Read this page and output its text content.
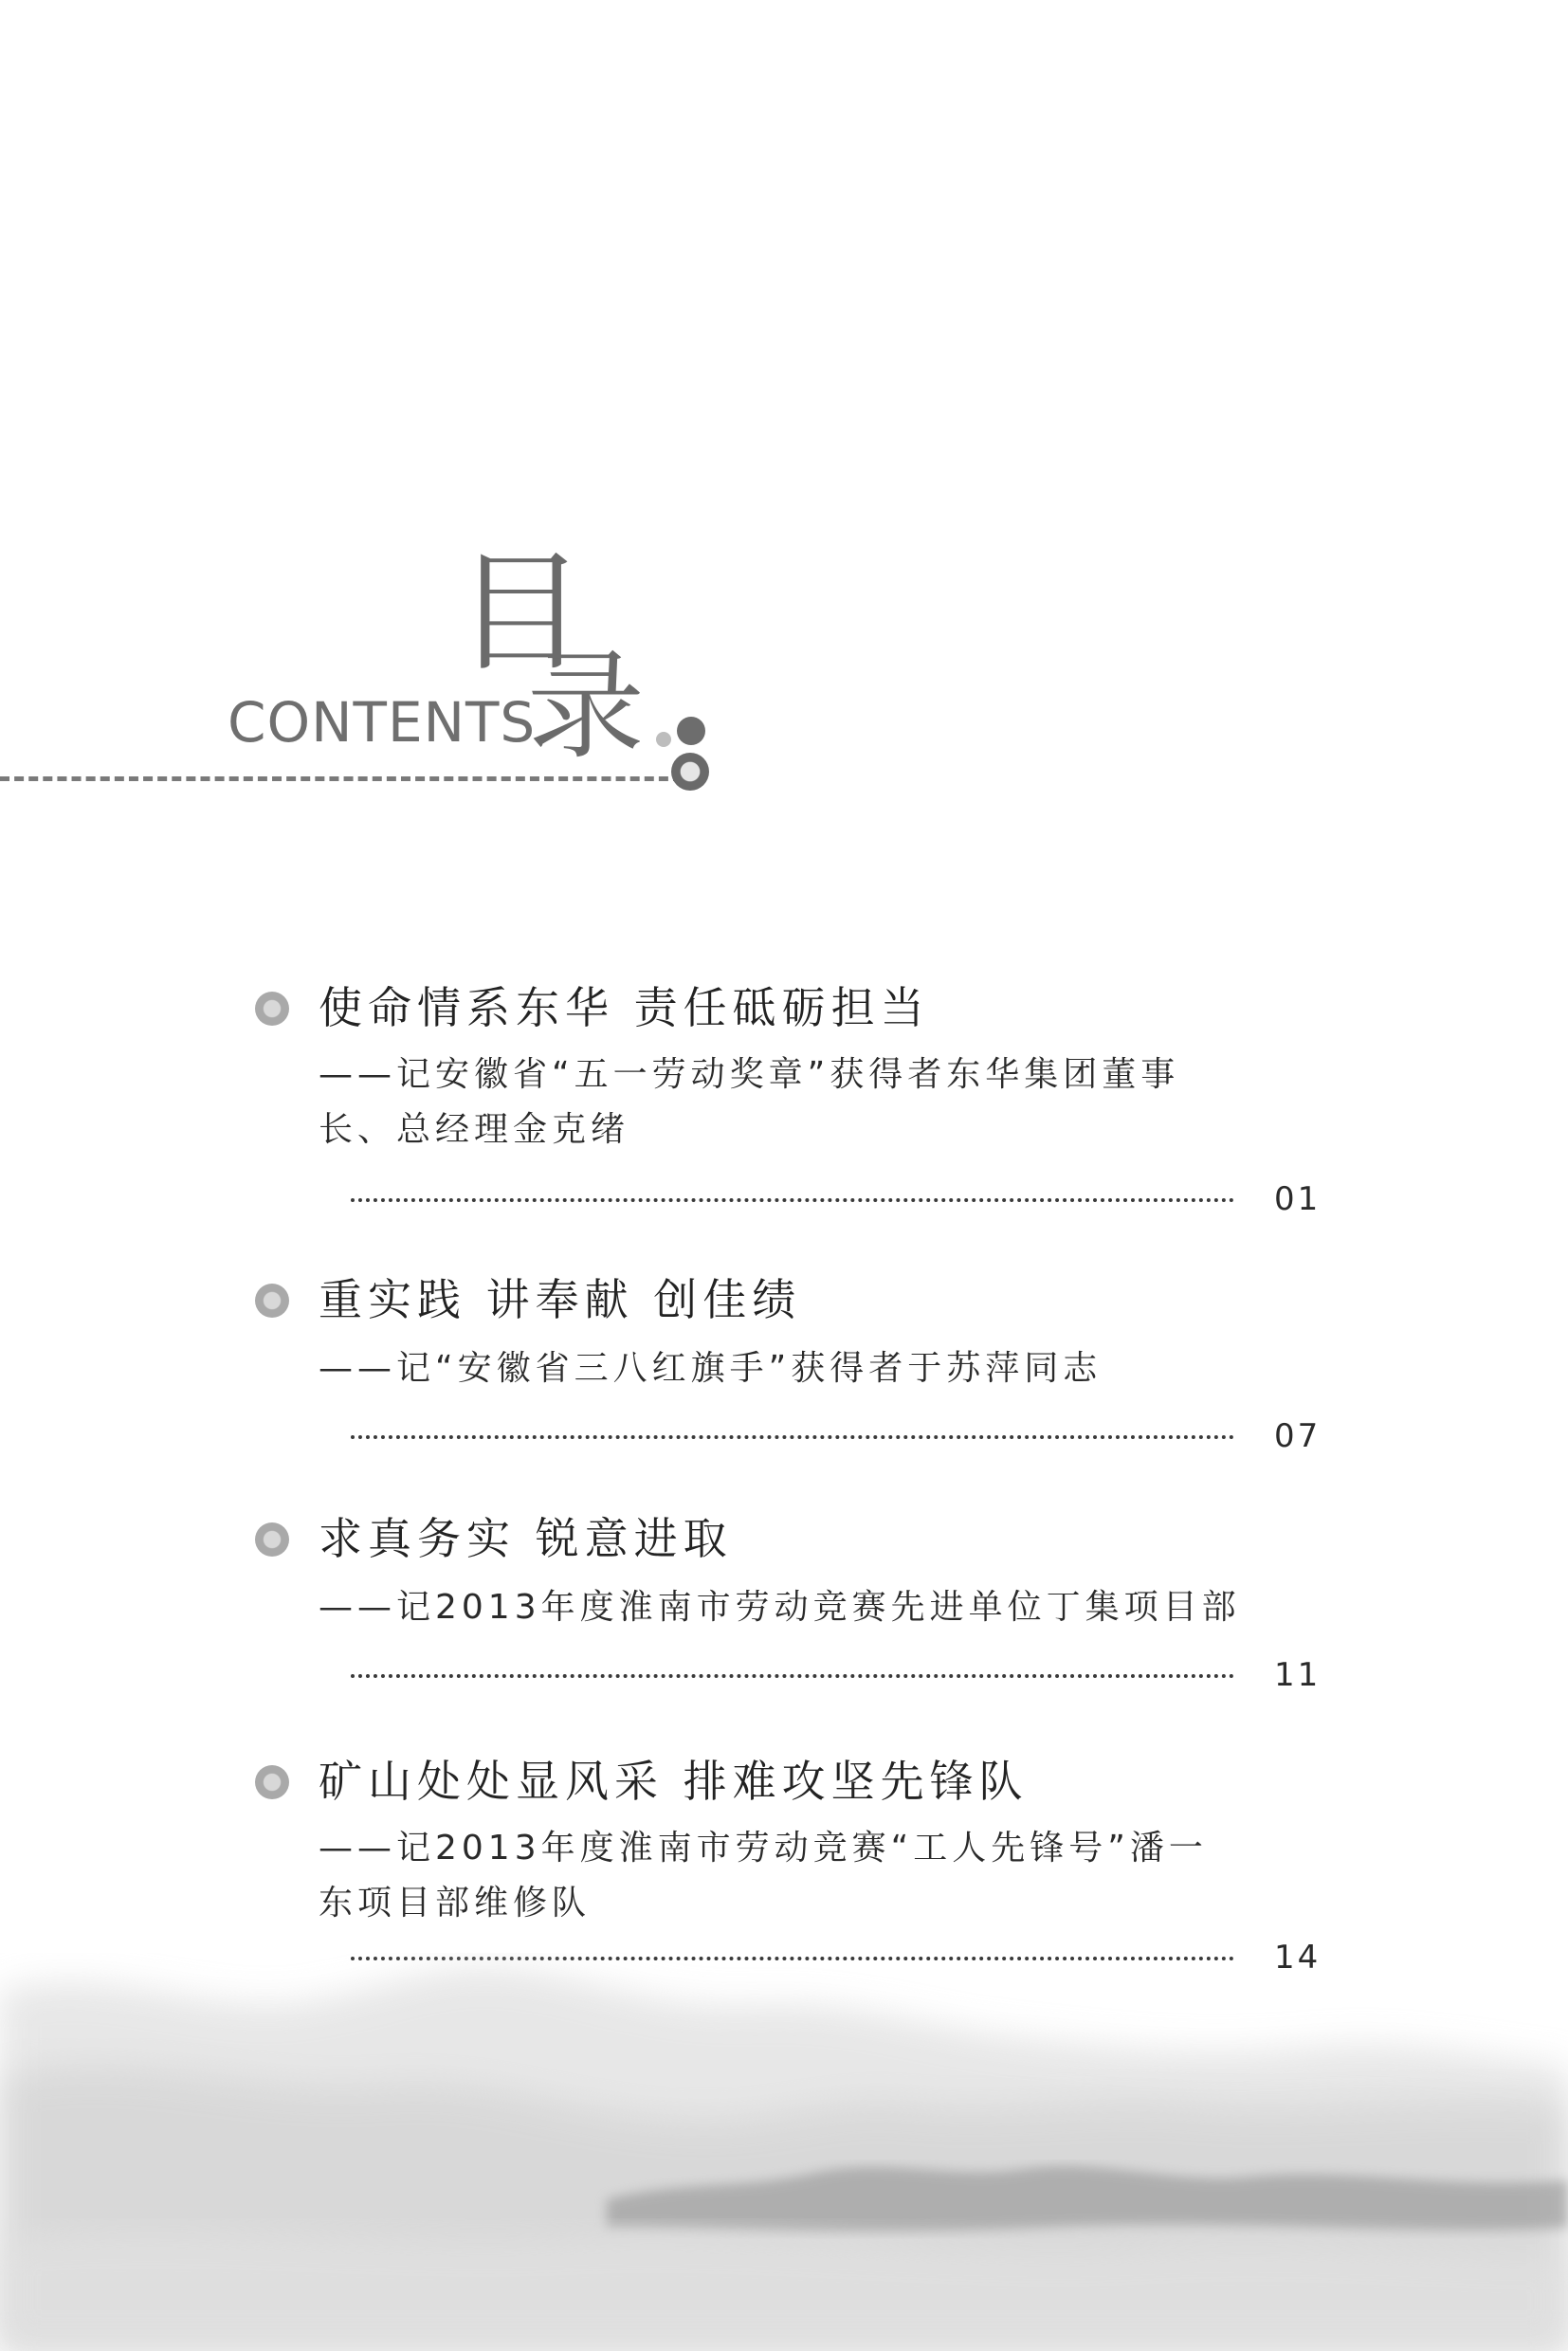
目
录
CONTENTS
使命情系东华 责任砥砺担当
——记安徽省“五一劳动奖章”获得者东华集团董事
长、总经理金克绪
01
重实践 讲奉献 创佳绩
——记“安徽省三八红旗手”获得者于苏萍同志
07
求真务实 锐意进取
——记2013年度淮南市劳动竞赛先进单位丁集项目部
11
矿山处处显风采 排难攻坚先锋队
——记2013年度淮南市劳动竞赛“工人先锋号”潘一
东项目部维修队
14
